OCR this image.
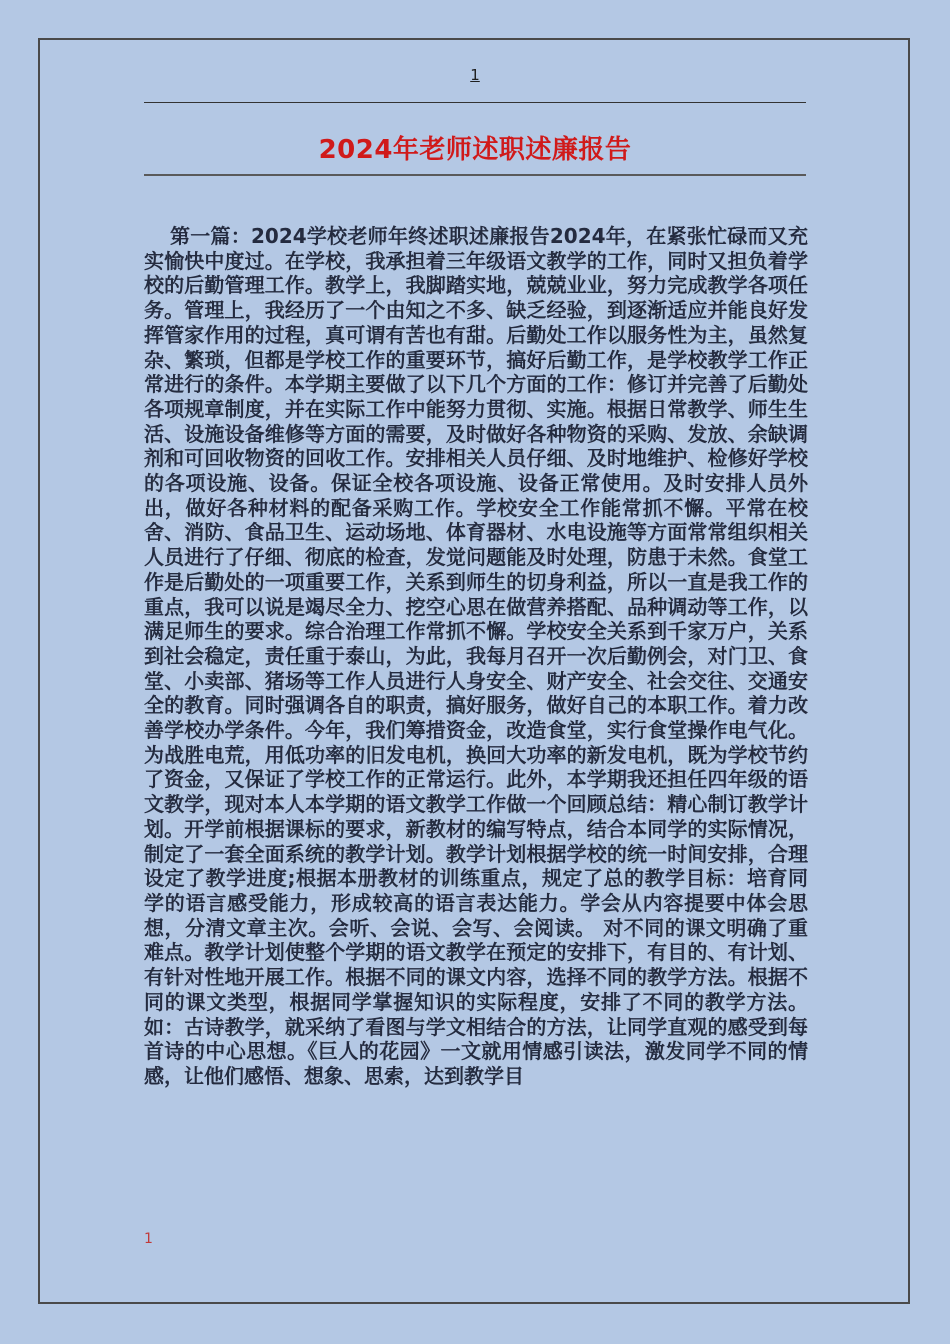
1
2024年老师述职述廉报告
第一篇：2024学校老师年终述职述廉报告2024年，在紧张忙碌而又充实愉快中度过。在学校，我承担着三年级语文教学的工作，同时又担负着学校的后勤管理工作。教学上，我脚踏实地，兢兢业业，努力完成教学各项任务。管理上，我经历了一个由知之不多、缺乏经验，到逐渐适应并能良好发挥管家作用的过程，真可谓有苦也有甜。后勤处工作以服务性为主，虽然复杂、繁琐，但都是学校工作的重要环节，搞好后勤工作，是学校教学工作正常进行的条件。本学期主要做了以下几个方面的工作：修订并完善了后勤处各项规章制度，并在实际工作中能努力贯彻、实施。根据日常教学、师生生活、设施设备维修等方面的需要，及时做好各种物资的采购、发放、余缺调剂和可回收物资的回收工作。安排相关人员仔细、及时地维护、检修好学校的各项设施、设备。保证全校各项设施、设备正常使用。及时安排人员外出，做好各种材料的配备采购工作。学校安全工作能常抓不懈。平常在校舍、消防、食品卫生、运动场地、体育器材、水电设施等方面常常组织相关人员进行了仔细、彻底的检查，发觉问题能及时处理，防患于未然。食堂工作是后勤处的一项重要工作，关系到师生的切身利益，所以一直是我工作的重点，我可以说是竭尽全力、挖空心思在做营养搭配、品种调动等工作，以满足师生的要求。综合治理工作常抓不懈。学校安全关系到千家万户，关系到社会稳定，责任重于泰山，为此，我每月召开一次后勤例会，对门卫、食堂、小卖部、猪场等工作人员进行人身安全、财产安全、社会交往、交通安全的教育。同时强调各自的职责，搞好服务，做好自己的本职工作。着力改善学校办学条件。今年，我们筹措资金，改造食堂，实行食堂操作电气化。为战胜电荒，用低功率的旧发电机，换回大功率的新发电机，既为学校节约了资金，又保证了学校工作的正常运行。此外，本学期我还担任四年级的语文教学，现对本人本学期的语文教学工作做一个回顾总结：精心制订教学计划。开学前根据课标的要求，新教材的编写特点，结合本同学的实际情况，制定了一套全面系统的教学计划。教学计划根据学校的统一时间安排，合理设定了教学进度;根据本册教材的训练重点，规定了总的教学目标：培育同学的语言感受能力，形成较高的语言表达能力。学会从内容提要中体会思想，分清文章主次。会听、会说、会写、会阅读。 对不同的课文明确了重难点。教学计划使整个学期的语文教学在预定的安排下，有目的、有计划、有针对性地开展工作。根据不同的课文内容，选择不同的教学方法。根据不同的课文类型，根据同学掌握知识的实际程度，安排了不同的教学方法。如：古诗教学，就采纳了看图与学文相结合的方法，让同学直观的感受到每首诗的中心思想。《巨人的花园》一文就用情感引读法，激发同学不同的情感，让他们感悟、想象、思索，达到教学目
1
